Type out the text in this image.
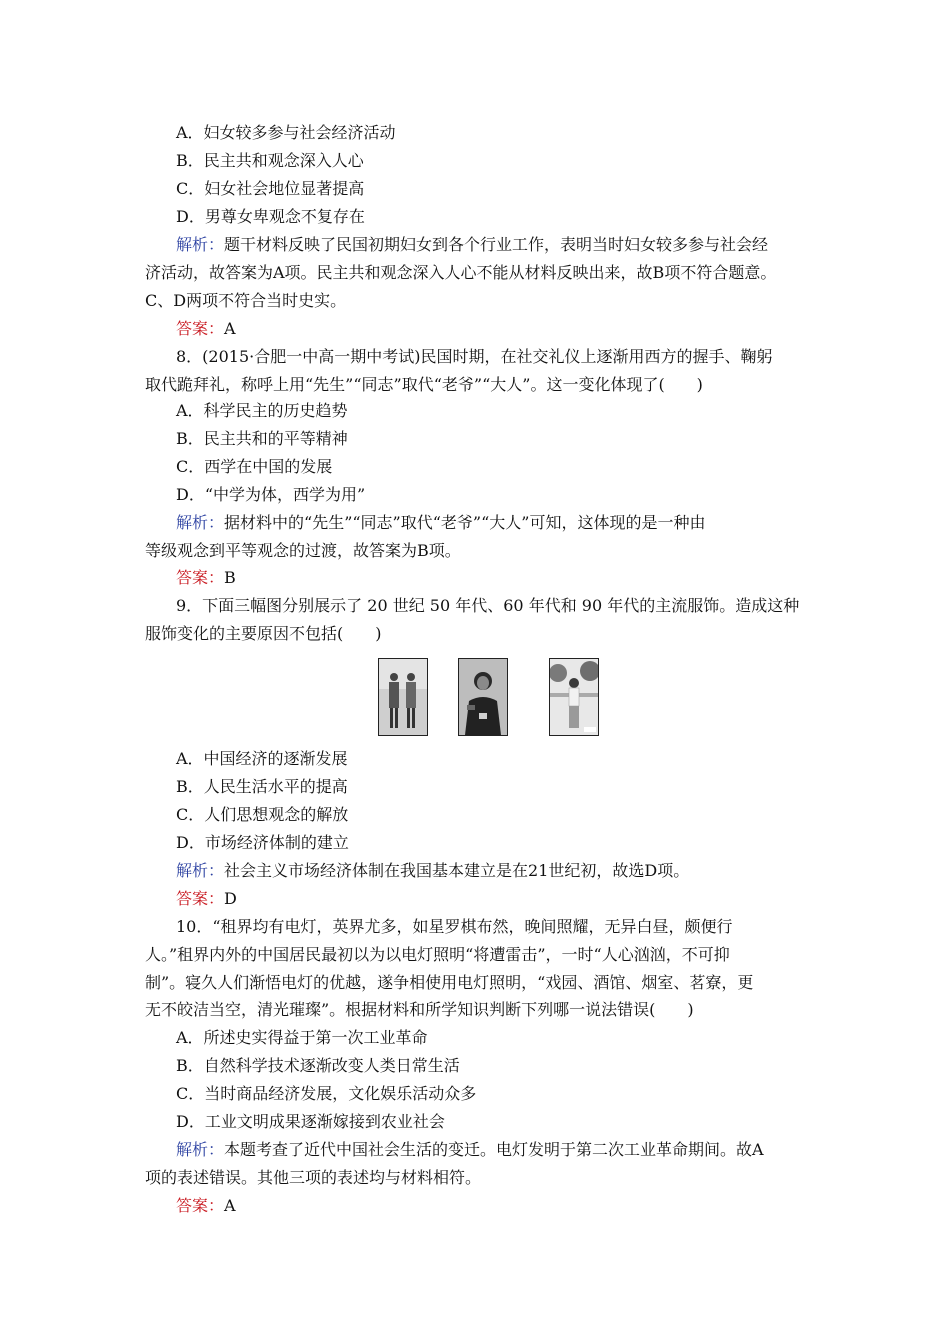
A．妇女较多参与社会经济活动
B．民主共和观念深入人心
C．妇女社会地位显著提高
D．男尊女卑观念不复存在
解析：题干材料反映了民国初期妇女到各个行业工作，表明当时妇女较多参与社会经
济活动，故答案为A项。民主共和观念深入人心不能从材料反映出来，故B项不符合题意。
C、D两项不符合当时史实。
答案：A
8．(2015·合肥一中高一期中考试)民国时期，在社交礼仪上逐渐用西方的握手、鞠躬
取代跪拜礼，称呼上用“先生”“同志”取代“老爷”“大人”。这一变化体现了(　　)
A．科学民主的历史趋势
B．民主共和的平等精神
C．西学在中国的发展
D．“中学为体，西学为用”
解析：据材料中的“先生”“同志”取代“老爷”“大人”可知，这体现的是一种由
等级观念到平等观念的过渡，故答案为B项。
答案：B
9．下面三幅图分别展示了 20 世纪 50 年代、60 年代和 90 年代的主流服饰。造成这种
服饰变化的主要原因不包括(　　)
A．中国经济的逐渐发展
B．人民生活水平的提高
C．人们思想观念的解放
D．市场经济体制的建立
解析：社会主义市场经济体制在我国基本建立是在21世纪初，故选D项。
答案：D
10．“租界均有电灯，英界尤多，如星罗棋布然，晚间照耀，无异白昼，颇便行
人。”租界内外的中国居民最初以为以电灯照明“将遭雷击”，一时“人心汹汹，不可抑
制”。寝久人们渐悟电灯的优越，遂争相使用电灯照明，“戏园、酒馆、烟室、茗寮，更
无不皎洁当空，清光璀璨”。根据材料和所学知识判断下列哪一说法错误(　　)
A．所述史实得益于第一次工业革命
B．自然科学技术逐渐改变人类日常生活
C．当时商品经济发展，文化娱乐活动众多
D．工业文明成果逐渐嫁接到农业社会
解析：本题考查了近代中国社会生活的变迁。电灯发明于第二次工业革命期间。故A
项的表述错误。其他三项的表述均与材料相符。
答案：A
